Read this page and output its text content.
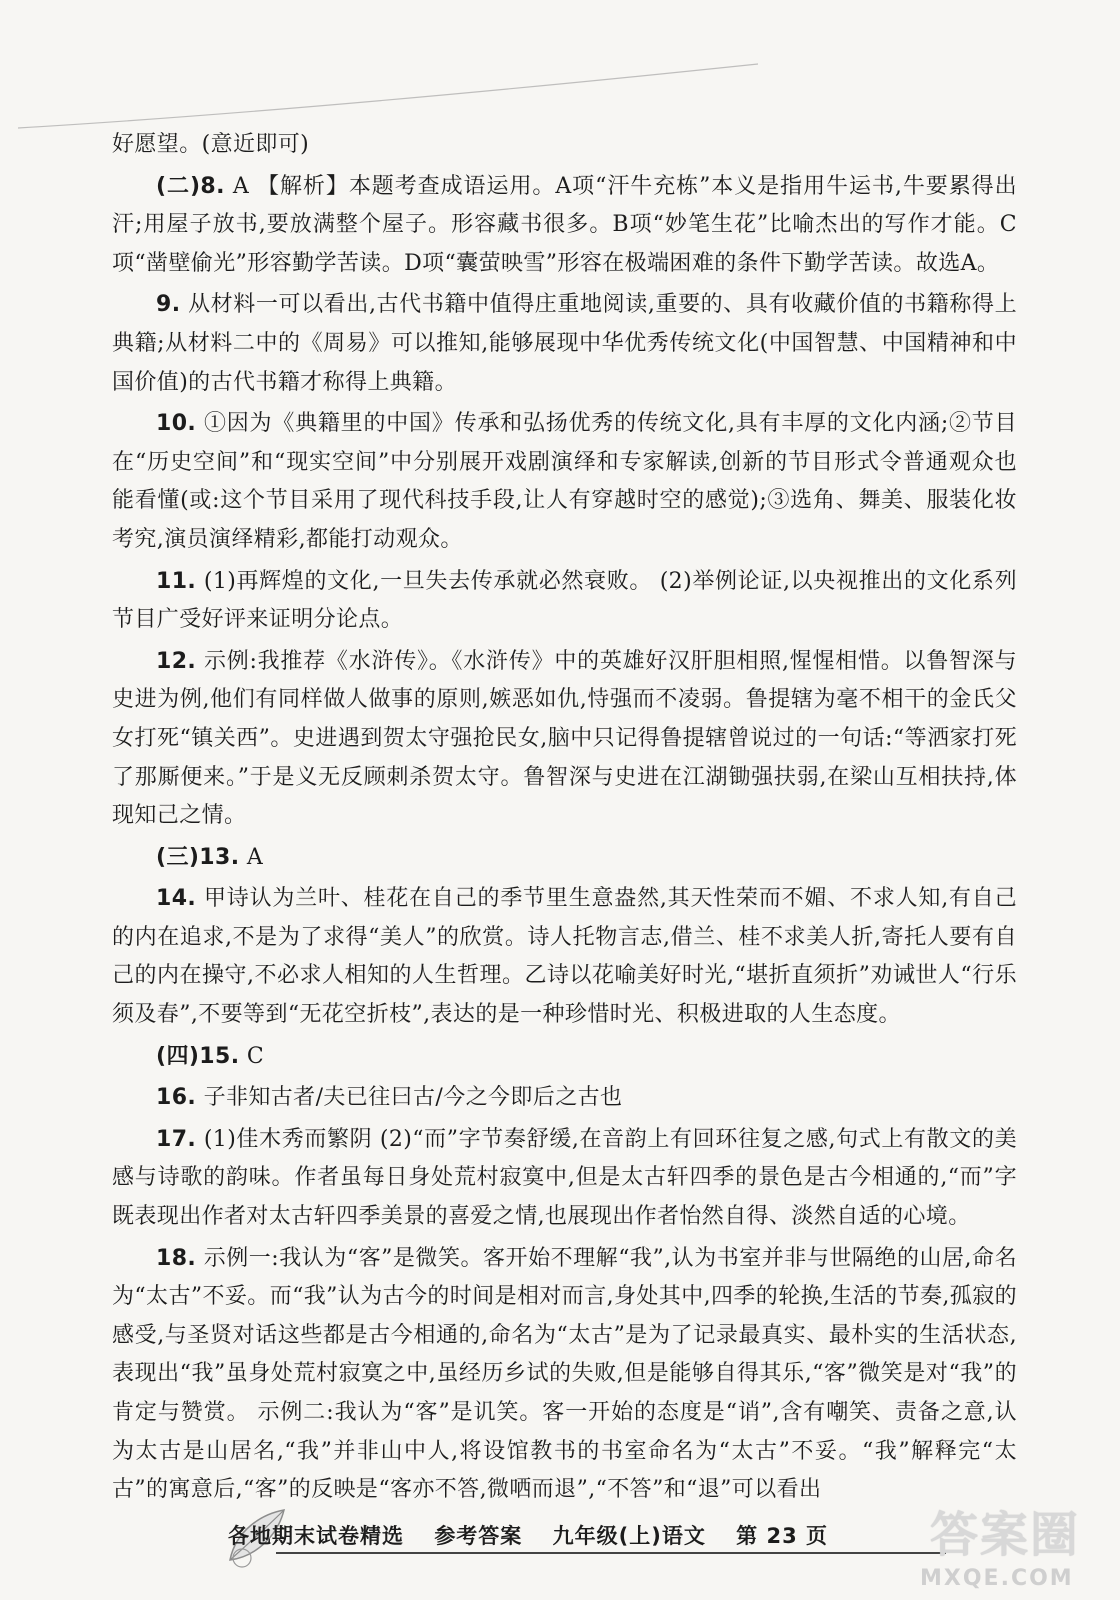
好愿望。(意近即可)

(二)8. A 【解析】本题考查成语运用。A项“汗牛充栋”本义是指用牛运书,牛要累得出汗;用屋子放书,要放满整个屋子。形容藏书很多。B项“妙笔生花”比喻杰出的写作才能。C项“凿壁偷光”形容勤学苦读。D项“囊萤映雪”形容在极端困难的条件下勤学苦读。故选A。

9. 从材料一可以看出,古代书籍中值得庄重地阅读,重要的、具有收藏价值的书籍称得上典籍;从材料二中的《周易》可以推知,能够展现中华优秀传统文化(中国智慧、中国精神和中国价值)的古代书籍才称得上典籍。

10. ①因为《典籍里的中国》传承和弘扬优秀的传统文化,具有丰厚的文化内涵;②节目在“历史空间”和“现实空间”中分别展开戏剧演绎和专家解读,创新的节目形式令普通观众也能看懂(或:这个节目采用了现代科技手段,让人有穿越时空的感觉);③选角、舞美、服装化妆考究,演员演绎精彩,都能打动观众。

11. (1)再辉煌的文化,一旦失去传承就必然衰败。 (2)举例论证,以央视推出的文化系列节目广受好评来证明分论点。

12. 示例:我推荐《水浒传》。《水浒传》中的英雄好汉肝胆相照,惺惺相惜。以鲁智深与史进为例,他们有同样做人做事的原则,嫉恶如仇,恃强而不凌弱。鲁提辖为毫不相干的金氏父女打死“镇关西”。史进遇到贺太守强抢民女,脑中只记得鲁提辖曾说过的一句话:“等洒家打死了那厮便来。”于是义无反顾刺杀贺太守。鲁智深与史进在江湖锄强扶弱,在梁山互相扶持,体现知己之情。

(三)13. A

14. 甲诗认为兰叶、桂花在自己的季节里生意盎然,其天性荣而不媚、不求人知,有自己的内在追求,不是为了求得“美人”的欣赏。诗人托物言志,借兰、桂不求美人折,寄托人要有自己的内在操守,不必求人相知的人生哲理。乙诗以花喻美好时光,“堪折直须折”劝诫世人“行乐须及春”,不要等到“无花空折枝”,表达的是一种珍惜时光、积极进取的人生态度。

(四)15. C

16. 子非知古者/夫已往曰古/今之今即后之古也

17. (1)佳木秀而繁阴 (2)“而”字节奏舒缓,在音韵上有回环往复之感,句式上有散文的美感与诗歌的韵味。作者虽每日身处荒村寂寞中,但是太古轩四季的景色是古今相通的,“而”字既表现出作者对太古轩四季美景的喜爱之情,也展现出作者怡然自得、淡然自适的心境。

18. 示例一:我认为“客”是微笑。客开始不理解“我”,认为书室并非与世隔绝的山居,命名为“太古”不妥。而“我”认为古今的时间是相对而言,身处其中,四季的轮换,生活的节奏,孤寂的感受,与圣贤对话这些都是古今相通的,命名为“太古”是为了记录最真实、最朴实的生活状态,表现出“我”虽身处荒村寂寞之中,虽经历乡试的失败,但是能够自得其乐,“客”微笑是对“我”的肯定与赞赏。 示例二:我认为“客”是讥笑。客一开始的态度是“诮”,含有嘲笑、责备之意,认为太古是山居名,“我”并非山中人,将设馆教书的书室命名为“太古”不妥。“我”解释完“太古”的寓意后,“客”的反映是“客亦不答,微哂而退”,“不答”和“退”可以看出

各地期末试卷精选 参考答案 九年级(上)语文 第 23 页	答案圈
MXQE.COM
